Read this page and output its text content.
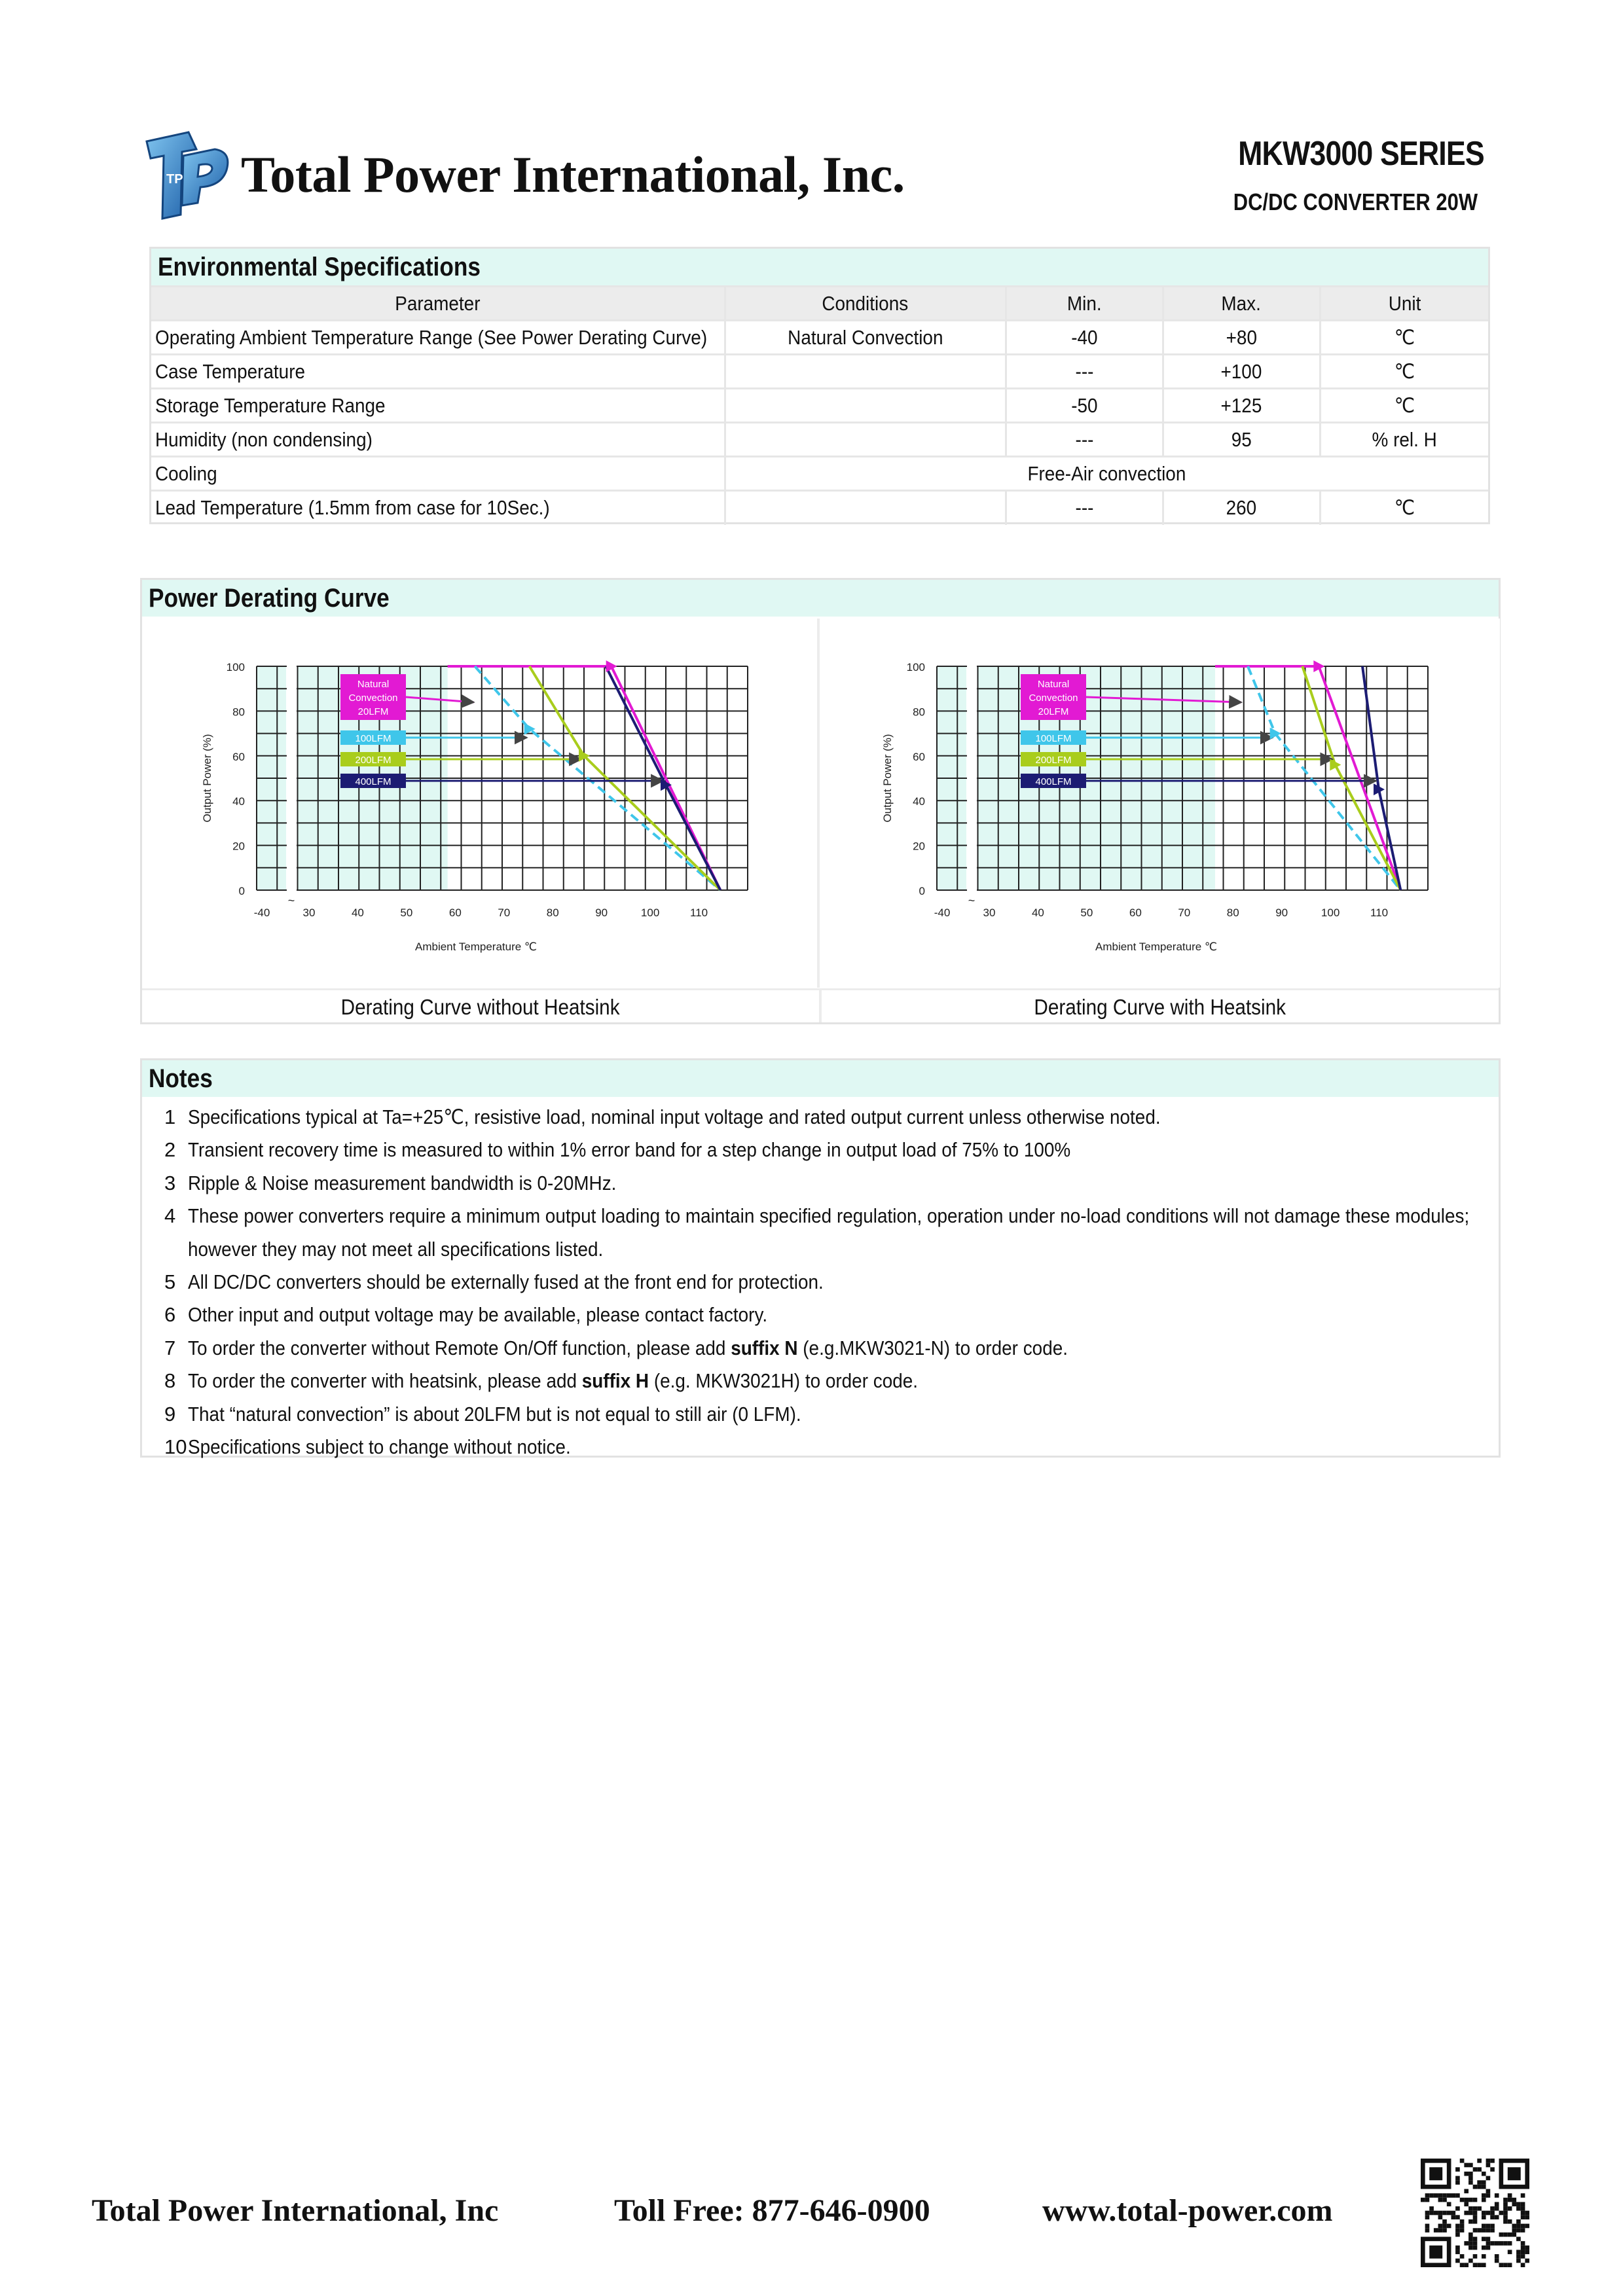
TP Total Power International, Inc.	MKW3000 SERIES
DC/DC CONVERTER 20W
Environmental Specifications
Parameter	Conditions	Min.	Max.	Unit
Operating Ambient Temperature Range (See Power Derating Curve)	Natural Convection	-40	+80	℃
Case Temperature		---	+100	℃
Storage Temperature Range		-50	+125	℃
Humidity (non condensing)		---	95	% rel. H
Cooling	Free-Air convection			
Lead Temperature (1.5mm from case for 10Sec.)		---	260	℃
Power Derating Curve
0
20
40
60
80
100
-40	30	40	50	60	70	80	90	100	110
~
Output Power (%)
Ambient Temperature ℃
Natural
Convection
20LFM
100LFM
200LFM
400LFM
0
20
40
60
80
100
-40	30	40	50	60	70	80	90	100	110
~
Output Power (%)
Ambient Temperature ℃
Natural
Convection
20LFM
100LFM
200LFM
400LFM
Derating Curve without Heatsink	Derating Curve with Heatsink
Notes
1 Specifications typical at Ta=+25℃, resistive load, nominal input voltage and rated output current unless otherwise noted.
2 Transient recovery time is measured to within 1% error band for a step change in output load of 75% to 100%
3 Ripple & Noise measurement bandwidth is 0-20MHz.
4 These power converters require a minimum output loading to maintain specified regulation, operation under no-load conditions will not damage these modules;
however they may not meet all specifications listed.
5 All DC/DC converters should be externally fused at the front end for protection.
6 Other input and output voltage may be available, please contact factory.
7 To order the converter without Remote On/Off function, please add suffix N (e.g.MKW3021-N) to order code.
8 To order the converter with heatsink, please add suffix H (e.g. MKW3021H) to order code.
9 That “natural convection” is about 20LFM but is not equal to still air (0 LFM).
10 Specifications subject to change without notice.
Total Power International, Inc	Toll Free: 877-646-0900	www.total-power.com
